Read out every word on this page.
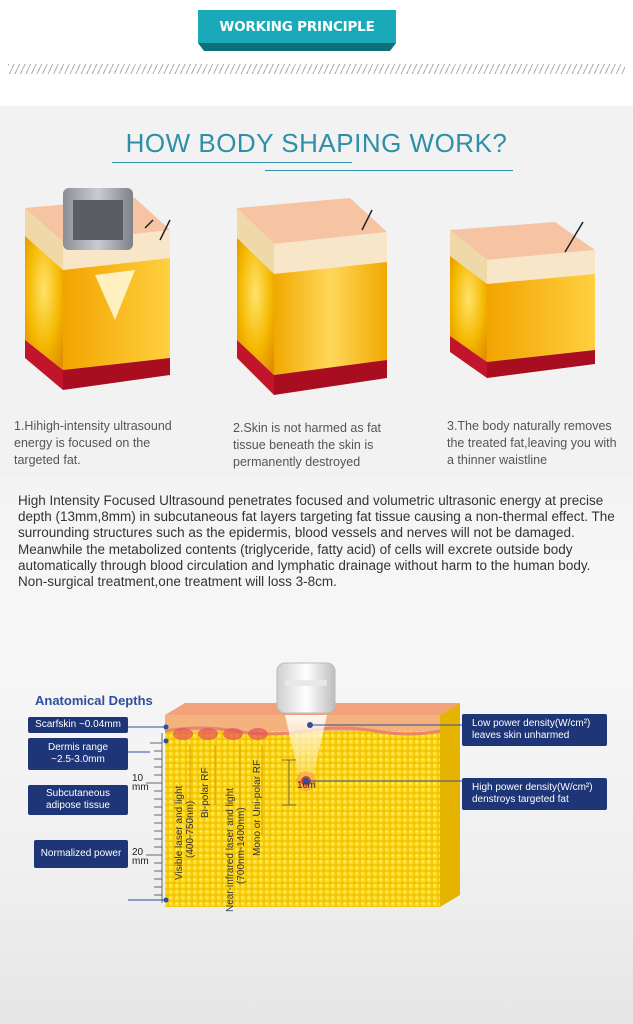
WORKING PRINCIPLE
HOW BODY SHAPING WORK?
1.Hihigh-intensity ultrasound
energy is focused on the
targeted fat.
2.Skin is not harmed as fat
tissue beneath the skin is
permanently destroyed
3.The body naturally removes
the treated fat,leaving you with
a thinner waistline
High Intensity Focused Ultrasound penetrates focused and volumetric ultrasonic energy at precise
depth (13mm,8mm) in subcutaneous fat layers targeting fat tissue causing a non-thermal effect. The
surrounding structures such as the epidermis, blood vessels and nerves will not be damaged.
Meanwhile the metabolized contents (triglyceride, fatty acid) of cells will excrete outside body
automatically through blood circulation and lymphatic drainage without harm to the human body.
Non-surgical treatment,one treatment will loss 3-8cm.
Anatomical Depths
Scarfskin ~0.04mm
Dermis range
~2.5-3.0mm
Subcutaneous
adipose tissue
Normalized power
Low power density(W/cm²)
leaves skin unharmed
High power density(W/cm²)
denstroys targeted fat
10
mm
20
mm	Visible laser and light (400-750nm)
Bi-polar RF Near-infrared laser and light (700nm-1400nm) Mono or Uni-polar RF	1cm
